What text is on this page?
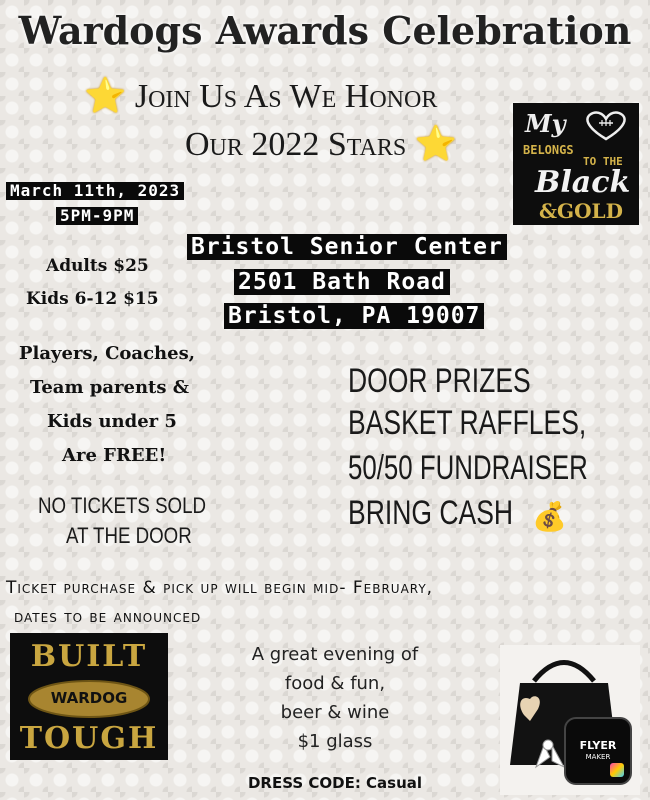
Wardogs Awards Celebration
⭐ Join Us As We Honor
Our 2022 Stars ⭐
My
BELONGS
TO THE
Black
&GOLD
March 11th, 2023
5PM-9PM
Bristol Senior Center
2501 Bath Road
Bristol, PA 19007
Adults $25
Kids 6-12 $15
Players, Coaches,
Team parents &
Kids under 5
Are FREE!
NO TICKETS SOLD
AT THE DOOR
DOOR PRIZES
BASKET RAFFLES,
50/50 FUNDRAISER
BRING CASH 💰
Ticket purchase & pick up will begin mid- February,
dates to be announced
BUILT
WARDOG
TOUGH
A great evening of
food & fun,
beer & wine
$1 glass
DRESS CODE: Casual
FLYER
MAKER
